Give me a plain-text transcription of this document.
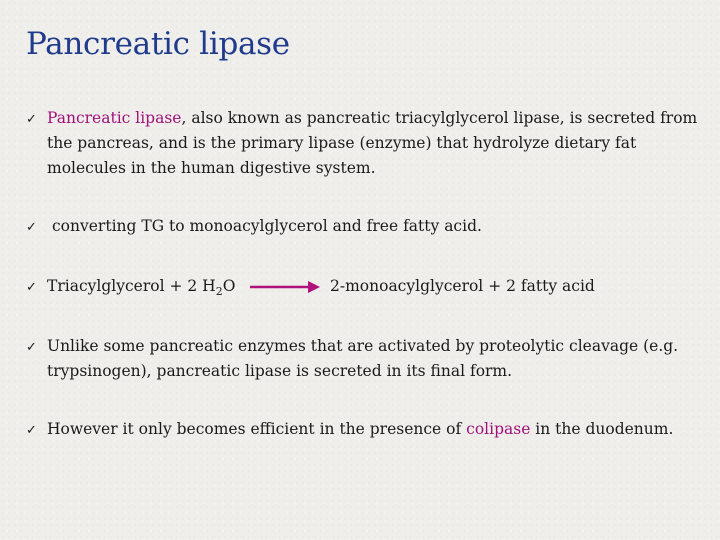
Pancreatic lipase
✓ Pancreatic lipase, also known as pancreatic triacylglycerol lipase, is secreted from the pancreas, and is the primary lipase (enzyme) that hydrolyze dietary fat molecules in the human digestive system.
✓ converting TG to monoacylglycerol and free fatty acid.
✓ Triacylglycerol + 2 $H_2O$	2-monoacylglycerol + 2 fatty acid
✓ Unlike some pancreatic enzymes that are activated by proteolytic cleavage (e.g. trypsinogen), pancreatic lipase is secreted in its final form.
✓ However it only becomes efficient in the presence of colipase in the duodenum.
